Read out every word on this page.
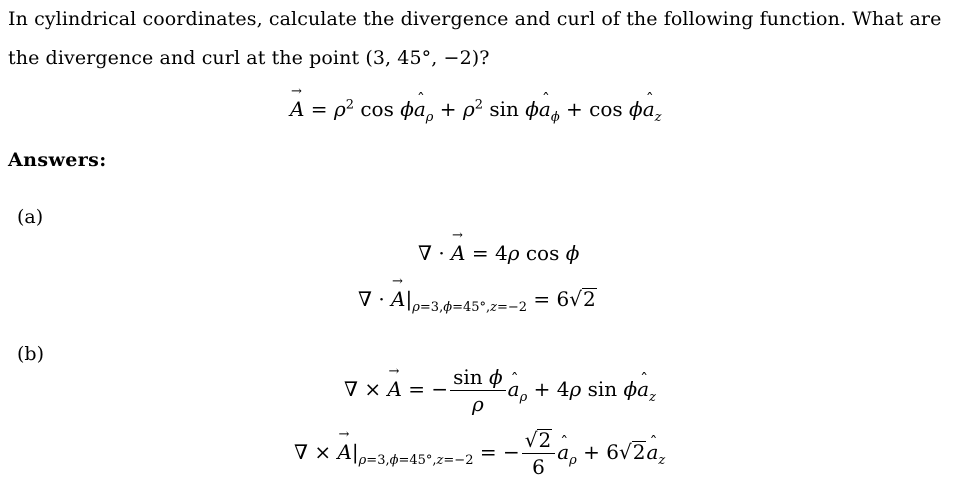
In cylindrical coordinates, calculate the divergence and curl of the following function. What are
the divergence and curl at the point (3, 45°, −2)?
→ $A = \rho^2$ cos ϕˆ $a_\rho + \rho^2$ sin ϕˆ $a_\phi + \cos$ ϕˆ $a_z$
Answers:
(a)
∇ · → A = 4ρ cos ϕ
∇ · → $A|_{\rho=3,\phi=45^\circ,z=-2} = 6√2$
(b)
∇ × → A = − $\frac{\text{sin ϕ}}{\rho}$ ˆ $a_\rho + 4\rho$ sin ϕˆ $a_z$
∇ × → $A|_{\rho=3,\phi=45^\circ,z=-2}$ = − $\frac{√2}{6}$ ˆ $a_\rho$ + 6√2ˆ $a_z$
